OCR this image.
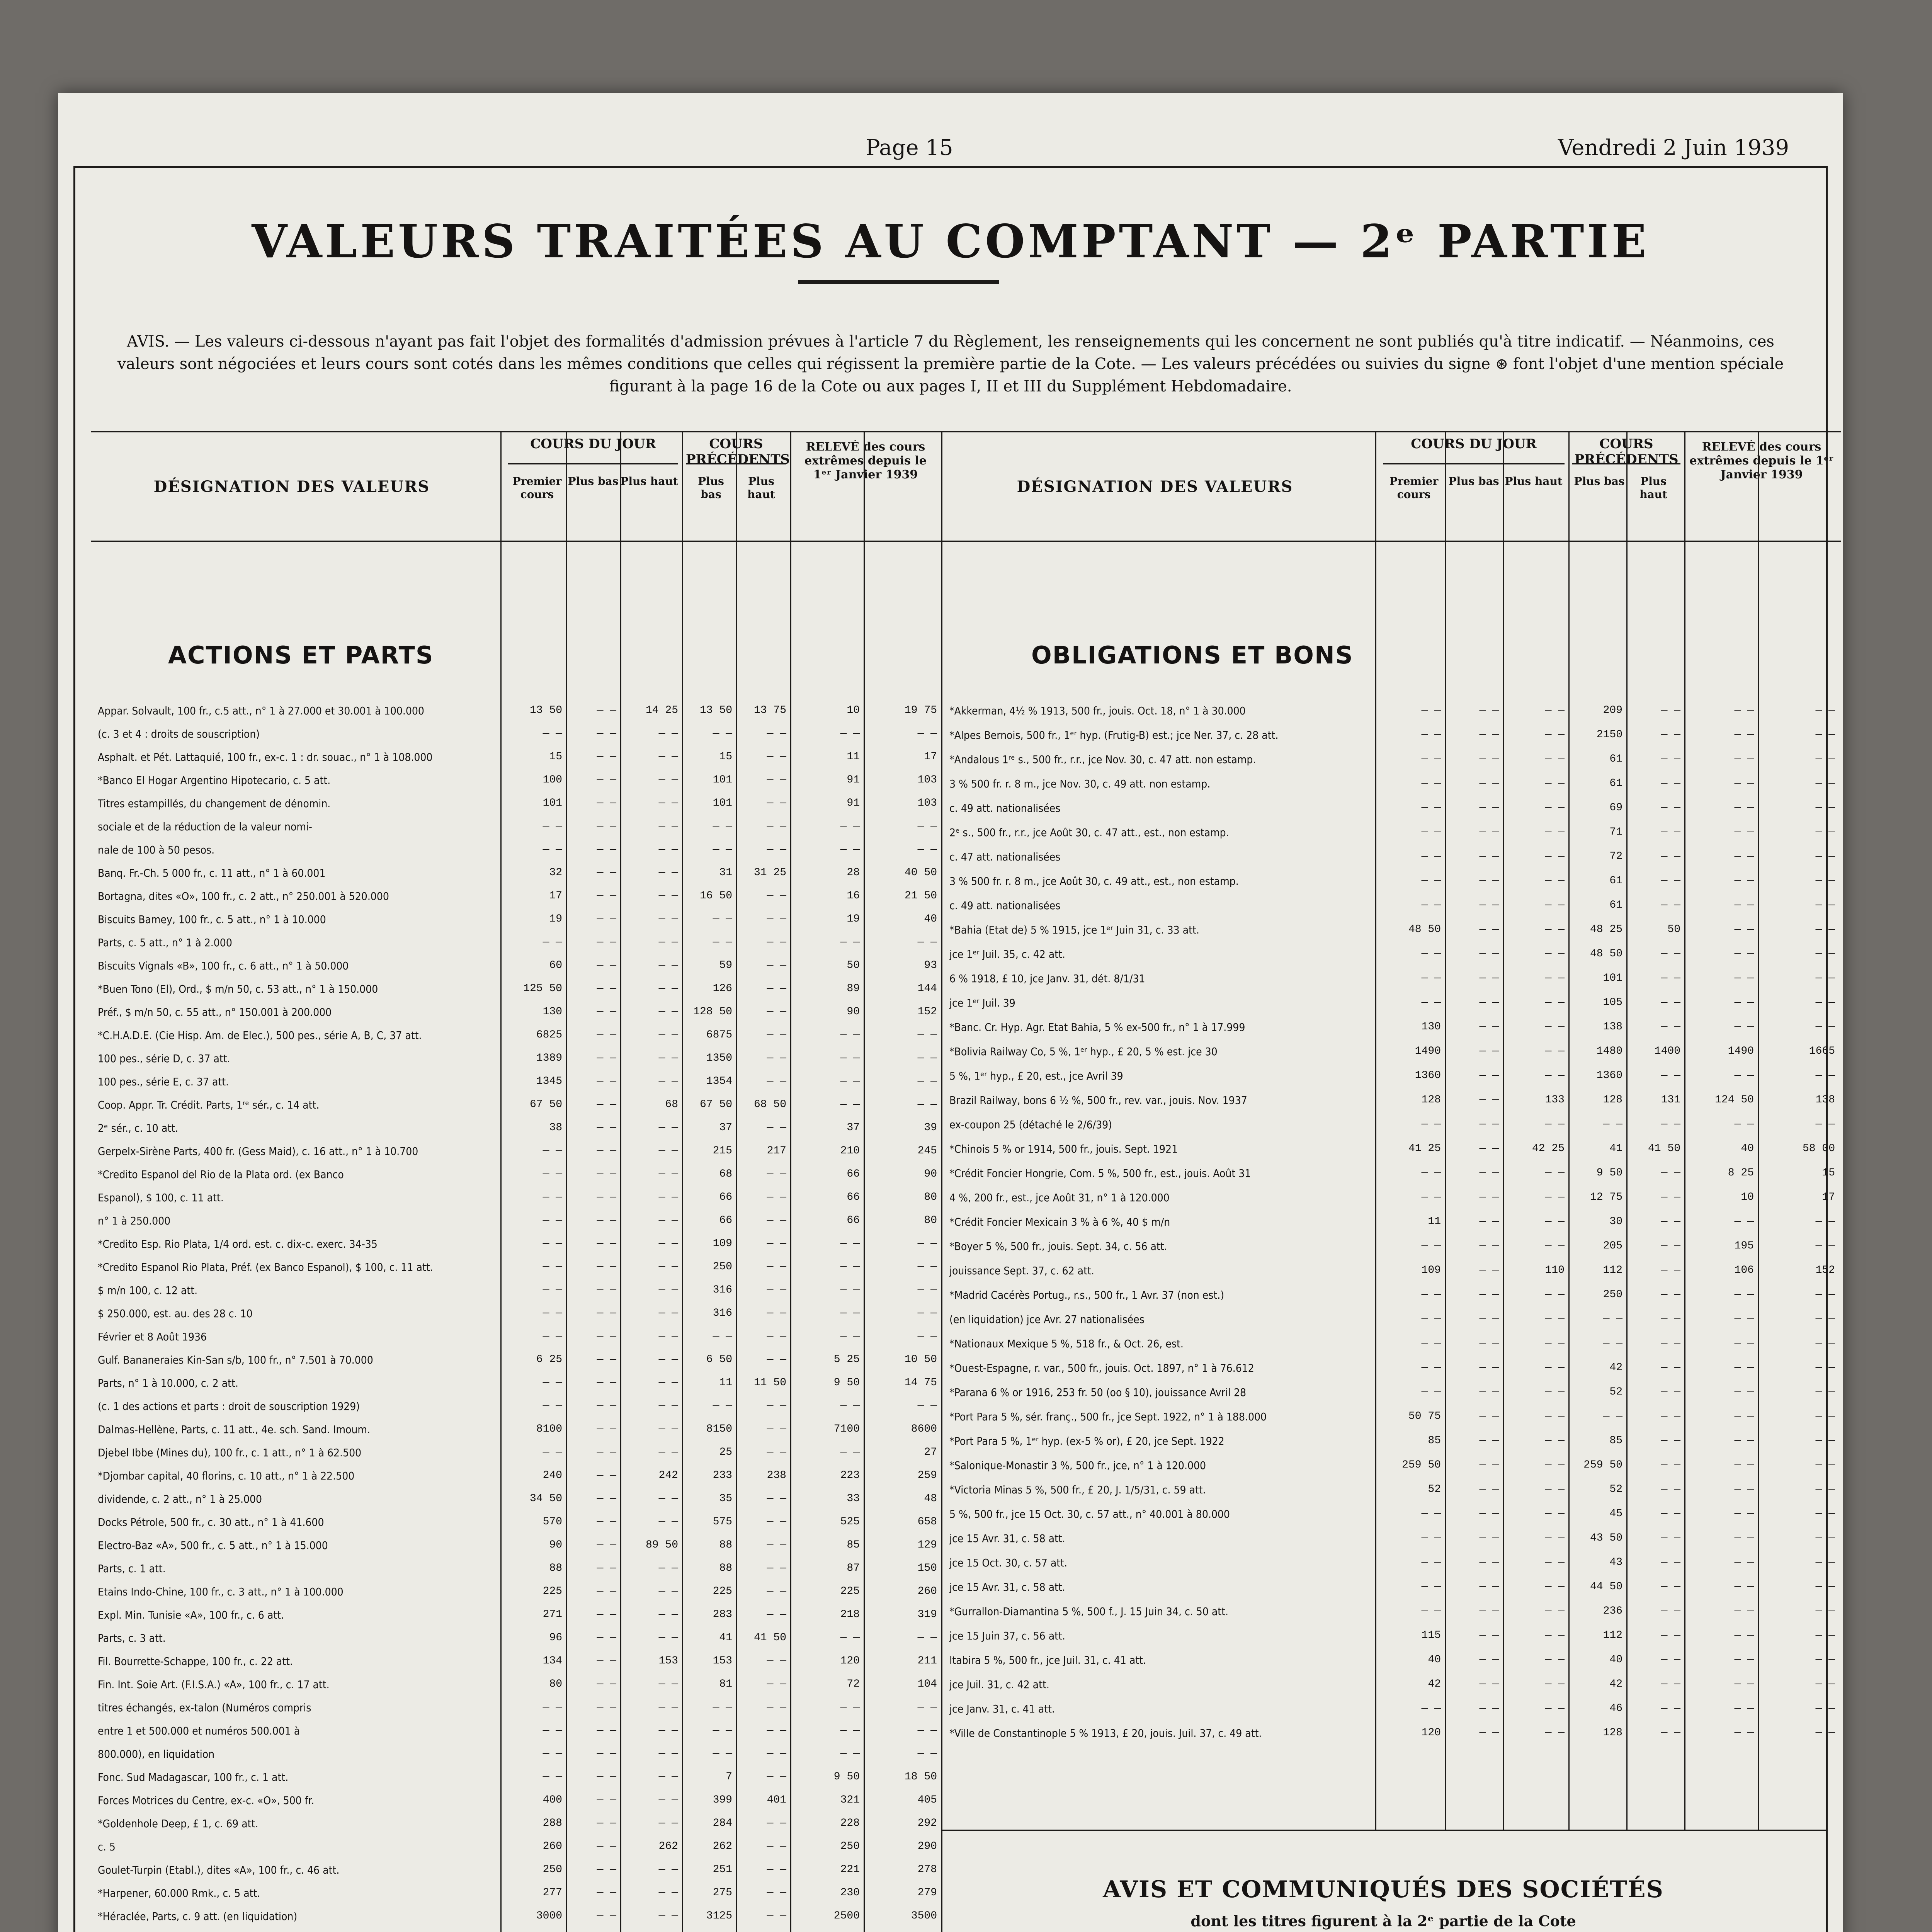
Page 15	Vendredi 2 Juin 1939
VALEURS TRAITÉES AU COMPTANT — 2ᵉ PARTIE
AVIS. — Les valeurs ci-dessous n'ayant pas fait l'objet des formalités d'admission prévues à l'article 7 du Règlement, les renseignements qui les concernent ne sont publiés qu'à titre indicatif. — Néanmoins, ces valeurs sont négociées et leurs cours sont cotés dans les mêmes conditions que celles qui régissent la première partie de la Cote. — Les valeurs précédées ou suivies du signe ⊛ font l'objet d'une mention spéciale figurant à la page 16 de la Cote ou aux pages I, II et III du Supplément Hebdomadaire.
DÉSIGNATION DES VALEURS
COURS DU JOUR	COURS PRÉCÉDENTS
RELEVÉ des cours extrêmes depuis le 1ᵉʳ Janvier 1939
Premier cours
Plus bas Plus haut	Plus bas
Plus haut
ACTIONS ET PARTS
Appar. Solvault, 100 fr., c.5 att., n° 1 à 27.000 et 30.001 à 100.000	13 50	— —	14 25	13 50	13 75	10	19 75
(c. 3 et 4 : droits de souscription)	— —	— —	— —	— —	— —	— —	— —
Asphalt. et Pét. Lattaquié, 100 fr., ex-c. 1 : dr. souac., n° 1 à 108.000	15	— —	— —	15	— —	11	17
*Banco El Hogar Argentino Hipotecario, c. 5 att.	100	— —	— —	101	— —	91	103
Titres estampillés, du changement de dénomin.	101	— —	— —	101	— —	91	103
sociale et de la réduction de la valeur nomi-	— —	— —	— —	— —	— —	— —	— —
nale de 100 à 50 pesos.	— —	— —	— —	— —	— —	— —	— —
Banq. Fr.-Ch. 5 000 fr., c. 11 att., n° 1 à 60.001	32	— —	— —	31	31 25	28	40 50
Bortagna, dites «O», 100 fr., c. 2 att., n° 250.001 à 520.000	17	— —	— —	16 50	— —	16	21 50
Biscuits Bamey, 100 fr., c. 5 att., n° 1 à 10.000	19	— —	— —	— —	— —	19	40
Parts, c. 5 att., n° 1 à 2.000	— —	— —	— —	— —	— —	— —	— —
Biscuits Vignals «B», 100 fr., c. 6 att., n° 1 à 50.000	60	— —	— —	59	— —	50	93
*Buen Tono (El), Ord., $ m/n 50, c. 53 att., n° 1 à 150.000	125 50	— —	— —	126	— —	89	144
Préf., $ m/n 50, c. 55 att., n° 150.001 à 200.000	130	— —	— —	128 50	— —	90	152
*C.H.A.D.E. (Cie Hisp. Am. de Elec.), 500 pes., série A, B, C, 37 att.	6825	— —	— —	6875	— —	— —	— —
100 pes., série D, c. 37 att.	1389	— —	— —	1350	— —	— —	— —
100 pes., série E, c. 37 att.	1345	— —	— —	1354	— —	— —	— —
Coop. Appr. Tr. Crédit. Parts, 1ʳᵉ sér., c. 14 att.	67 50	— —	68	67 50	68 50	— —	— —
2ᵉ sér., c. 10 att.	38	— —	— —	37	— —	37	39
Gerpelx-Sirène Parts, 400 fr. (Gess Maid), c. 16 att., n° 1 à 10.700	— —	— —	— —	215	217	210	245
*Credito Espanol del Rio de la Plata ord. (ex Banco	— —	— —	— —	68	— —	66	90
Espanol), $ 100, c. 11 att.	— —	— —	— —	66	— —	66	80
n° 1 à 250.000	— —	— —	— —	66	— —	66	80
*Credito Esp. Rio Plata, 1/4 ord. est. c. dix-c. exerc. 34-35	— —	— —	— —	109	— —	— —	— —
*Credito Espanol Rio Plata, Préf. (ex Banco Espanol), $ 100, c. 11 att.	— —	— —	— —	250	— —	— —	— —
$ m/n 100, c. 12 att.	— —	— —	— —	316	— —	— —	— —
$ 250.000, est. au. des 28 c. 10	— —	— —	— —	316	— —	— —	— —
Février et 8 Août 1936	— —	— —	— —	— —	— —	— —	— —
Gulf. Bananeraies Kin-San s/b, 100 fr., n° 7.501 à 70.000	6 25	— —	— —	6 50	— —	5 25	10 50
Parts, n° 1 à 10.000, c. 2 att.	— —	— —	— —	11	11 50	9 50	14 75
(c. 1 des actions et parts : droit de souscription 1929)	— —	— —	— —	— —	— —	— —	— —
Dalmas-Hellène, Parts, c. 11 att., 4e. sch. Sand. Imoum.	8100	— —	— —	8150	— —	7100	8600
Djebel Ibbe (Mines du), 100 fr., c. 1 att., n° 1 à 62.500	— —	— —	— —	25	— —	— —	27
*Djombar capital, 40 florins, c. 10 att., n° 1 à 22.500	240	— —	242	233	238	223	259
dividende, c. 2 att., n° 1 à 25.000	34 50	— —	— —	35	— —	33	48
Docks Pétrole, 500 fr., c. 30 att., n° 1 à 41.600	570	— —	— —	575	— —	525	658
Electro-Baz «A», 500 fr., c. 5 att., n° 1 à 15.000	90	— —	89 50	88	— —	85	129
Parts, c. 1 att.	88	— —	— —	88	— —	87	150
Etains Indo-Chine, 100 fr., c. 3 att., n° 1 à 100.000	225	— —	— —	225	— —	225	260
Expl. Min. Tunisie «A», 100 fr., c. 6 att.	271	— —	— —	283	— —	218	319
Parts, c. 3 att.	96	— —	— —	41	41 50	— —	— —
Fil. Bourrette-Schappe, 100 fr., c. 22 att.	134	— —	153	153	— —	120	211
Fin. Int. Soie Art. (F.I.S.A.) «A», 100 fr., c. 17 att.	80	— —	— —	81	— —	72	104
titres échangés, ex-talon (Numéros compris	— —	— —	— —	— —	— —	— —	— —
entre 1 et 500.000 et numéros 500.001 à	— —	— —	— —	— —	— —	— —	— —
800.000), en liquidation	— —	— —	— —	— —	— —	— —	— —
Fonc. Sud Madagascar, 100 fr., c. 1 att.	— —	— —	— —	7	— —	9 50	18 50
Forces Motrices du Centre, ex-c. «O», 500 fr.	400	— —	— —	399	401	321	405
*Goldenhole Deep, £ 1, c. 69 att.	288	— —	— —	284	— —	228	292
c. 5	260	— —	262	262	— —	250	290
Goulet-Turpin (Etabl.), dites «A», 100 fr., c. 46 att.	250	— —	— —	251	— —	221	278
*Harpener, 60.000 Rmk., c. 5 att.	277	— —	— —	275	— —	230	279
*Héraclée, Parts, c. 9 att. (en liquidation)	3000	— —	— —	3125	— —	2500	3500
DÉSIGNATION DES VALEURS
COURS DU JOUR	COURS PRÉCÉDENTS
RELEVÉ des cours extrêmes depuis le 1ᵉʳ Janvier 1939
Premier cours
Plus bas Plus haut Plus bas	Plus haut
OBLIGATIONS ET BONS
*Akkerman, 4½ % 1913, 500 fr., jouis. Oct. 18, n° 1 à 30.000	— —	— —	— —	209	— —	— —	— —
*Alpes Bernois, 500 fr., 1ᵉʳ hyp. (Frutig-B) est.; jce Ner. 37, c. 28 att.	— —	— —	— —	2150	— —	— —	— —
*Andalous 1ʳᵉ s., 500 fr., r.r., jce Nov. 30, c. 47 att. non estamp.	— —	— —	— —	61	— —	— —	— —
3 % 500 fr. r. 8 m., jce Nov. 30, c. 49 att. non estamp.	— —	— —	— —	61	— —	— —	— —
c. 49 att. nationalisées	— —	— —	— —	69	— —	— —	— —
2ᵉ s., 500 fr., r.r., jce Août 30, c. 47 att., est., non estamp.	— —	— —	— —	71	— —	— —	— —
c. 47 att. nationalisées	— —	— —	— —	72	— —	— —	— —
3 % 500 fr. r. 8 m., jce Août 30, c. 49 att., est., non estamp.	— —	— —	— —	61	— —	— —	— —
c. 49 att. nationalisées	— —	— —	— —	61	— —	— —	— —
*Bahia (Etat de) 5 % 1915, jce 1ᵉʳ Juin 31, c. 33 att.	48 50	— —	— —	48 25	50	— —	— —
jce 1ᵉʳ Juil. 35, c. 42 att.	— —	— —	— —	48 50	— —	— —	— —
6 % 1918, £ 10, jce Janv. 31, dét. 8/1/31	— —	— —	— —	101	— —	— —	— —
jce 1ᵉʳ Juil. 39	— —	— —	— —	105	— —	— —	— —
*Banc. Cr. Hyp. Agr. Etat Bahia, 5 % ex-500 fr., n° 1 à 17.999	130	— —	— —	138	— —	— —	— —
*Bolivia Railway Co, 5 %, 1ᵉʳ hyp., £ 20, 5 % est. jce 30	1490	— —	— —	1480	1400	1490	1665
5 %, 1ᵉʳ hyp., £ 20, est., jce Avril 39	1360	— —	— —	1360	— —	— —	— —
Brazil Railway, bons 6 ½ %, 500 fr., rev. var., jouis. Nov. 1937	128	— —	133	128	131	124 50	138
ex-coupon 25 (détaché le 2/6/39)	— —	— —	— —	— —	— —	— —	— —
*Chinois 5 % or 1914, 500 fr., jouis. Sept. 1921	41 25	— —	42 25	41	41 50	40	58 00
*Crédit Foncier Hongrie, Com. 5 %, 500 fr., est., jouis. Août 31	— —	— —	— —	9 50	— —	8 25	15
4 %, 200 fr., est., jce Août 31, n° 1 à 120.000	— —	— —	— —	12 75	— —	10	17
*Crédit Foncier Mexicain 3 % à 6 %, 40 $ m/n	11	— —	— —	30	— —	— —	— —
*Boyer 5 %, 500 fr., jouis. Sept. 34, c. 56 att.	— —	— —	— —	205	— —	195	— —
jouissance Sept. 37, c. 62 att.	109	— —	110	112	— —	106	152
*Madrid Cacérès Portug., r.s., 500 fr., 1 Avr. 37 (non est.)	— —	— —	— —	250	— —	— —	— —
(en liquidation) jce Avr. 27 nationalisées	— —	— —	— —	— —	— —	— —	— —
*Nationaux Mexique 5 %, 518 fr., & Oct. 26, est.	— —	— —	— —	— —	— —	— —	— —
*Ouest-Espagne, r. var., 500 fr., jouis. Oct. 1897, n° 1 à 76.612	— —	— —	— —	42	— —	— —	— —
*Parana 6 % or 1916, 253 fr. 50 (oo § 10), jouissance Avril 28	— —	— —	— —	52	— —	— —	— —
*Port Para 5 %, sér. franç., 500 fr., jce Sept. 1922, n° 1 à 188.000	50 75	— —	— —	— —	— —	— —	— —
*Port Para 5 %, 1ᵉʳ hyp. (ex-5 % or), £ 20, jce Sept. 1922	85	— —	— —	85	— —	— —	— —
*Salonique-Monastir 3 %, 500 fr., jce, n° 1 à 120.000	259 50	— —	— —	259 50	— —	— —	— —
*Victoria Minas 5 %, 500 fr., £ 20, J. 1/5/31, c. 59 att.	52	— —	— —	52	— —	— —	— —
5 %, 500 fr., jce 15 Oct. 30, c. 57 att., n° 40.001 à 80.000	— —	— —	— —	45	— —	— —	— —
jce 15 Avr. 31, c. 58 att.	— —	— —	— —	43 50	— —	— —	— —
jce 15 Oct. 30, c. 57 att.	— —	— —	— —	43	— —	— —	— —
jce 15 Avr. 31, c. 58 att.	— —	— —	— —	44 50	— —	— —	— —
*Gurrallon-Diamantina 5 %, 500 f., J. 15 Juin 34, c. 50 att.	— —	— —	— —	236	— —	— —	— —
jce 15 Juin 37, c. 56 att.	115	— —	— —	112	— —	— —	— —
Itabira 5 %, 500 fr., jce Juil. 31, c. 41 att.	40	— —	— —	40	— —	— —	— —
jce Juil. 31, c. 42 att.	42	— —	— —	42	— —	— —	— —
jce Janv. 31, c. 41 att.	— —	— —	— —	46	— —	— —	— —
*Ville de Constantinople 5 % 1913, £ 20, jouis. Juil. 37, c. 49 att.	120	— —	— —	128	— —	— —	— —
AVIS ET COMMUNIQUÉS DES SOCIÉTÉS
dont les titres figurent à la 2ᵉ partie de la Cote
